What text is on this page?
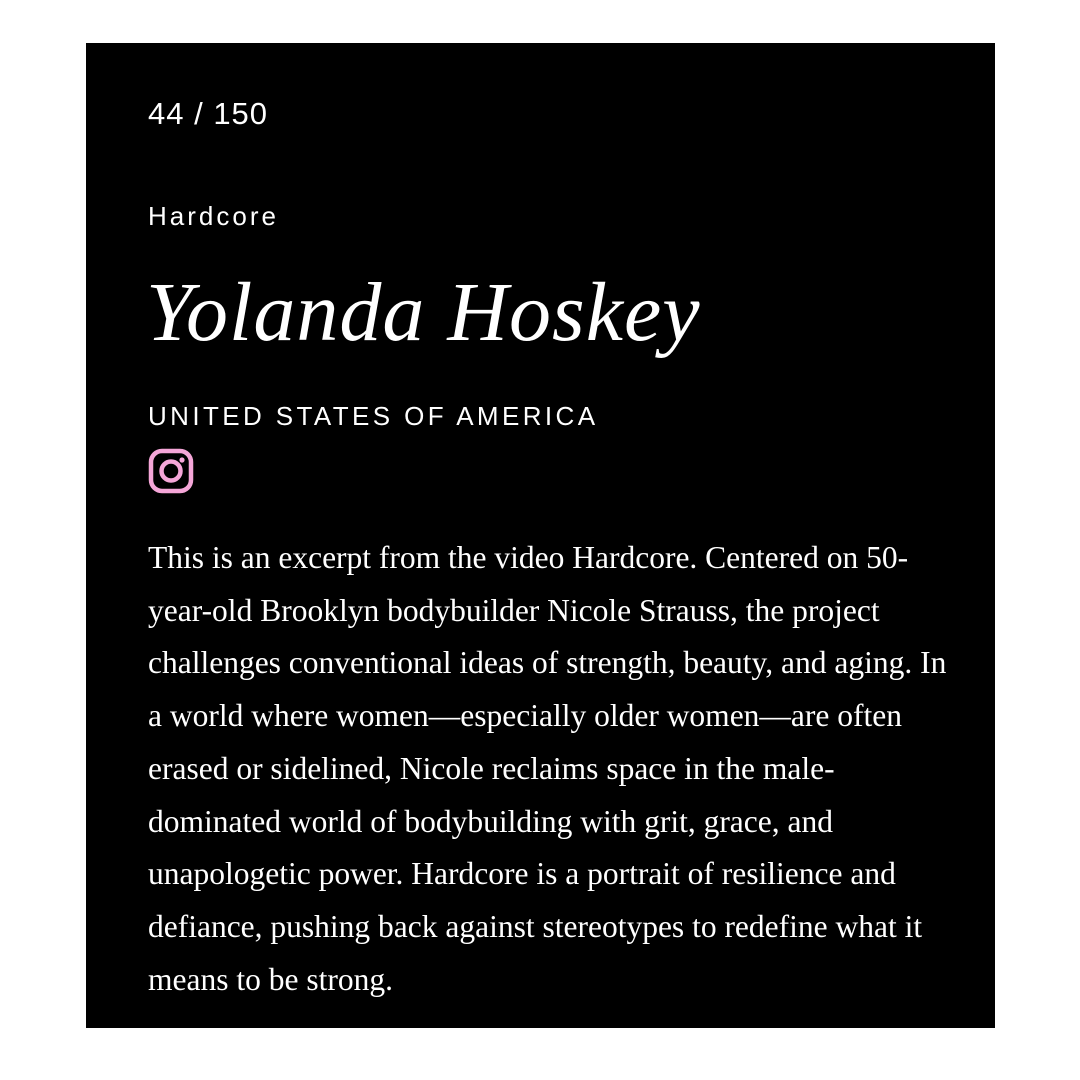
44 / 150
Hardcore
Yolanda Hoskey
UNITED STATES OF AMERICA

This is an excerpt from the video Hardcore. Centered on 50-year-old Brooklyn bodybuilder Nicole Strauss, the project challenges conventional ideas of strength, beauty, and aging. In a world where women—especially older women—are often erased or sidelined, Nicole reclaims space in the male-dominated world of bodybuilding with grit, grace, and unapologetic power. Hardcore is a portrait of resilience and defiance, pushing back against stereotypes to redefine what it means to be strong.
